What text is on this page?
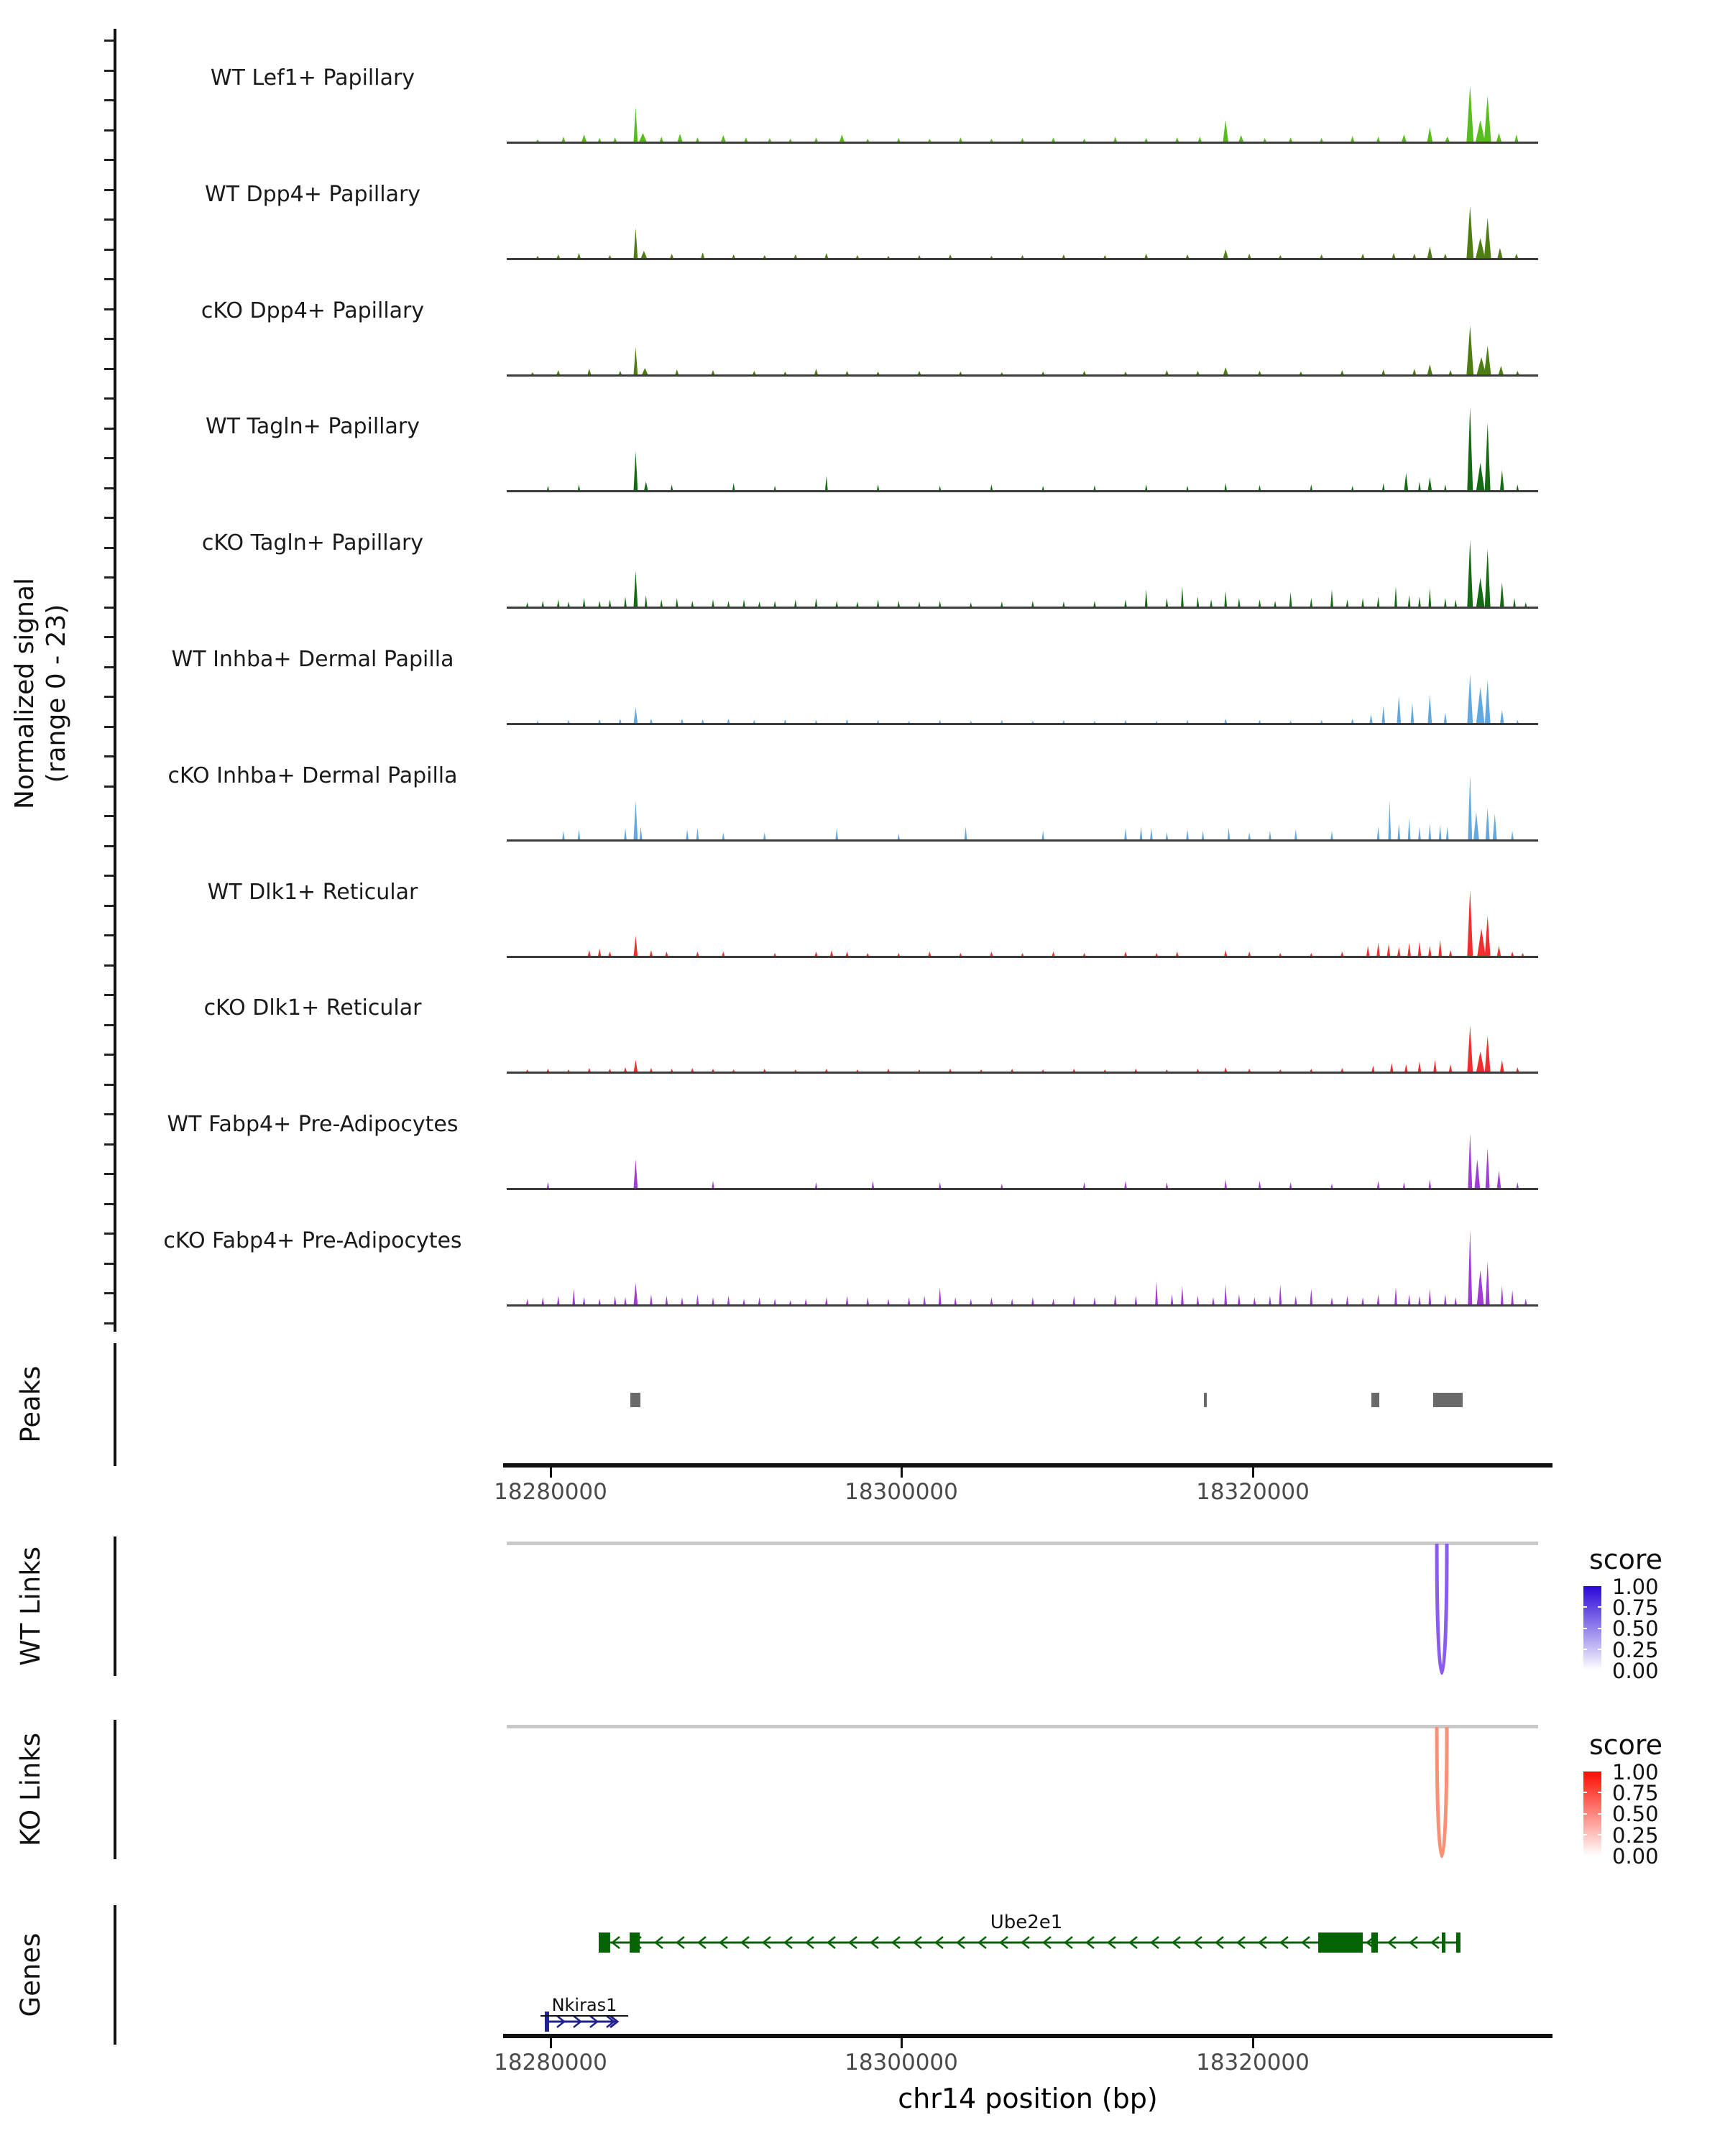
Normalized signal (range 0 - 23)
Peaks
WT Links
KO Links
Genes
WT Lef1+ Papillary
WT Dpp4+ Papillary
cKO Dpp4+ Papillary
WT Tagln+ Papillary
cKO Tagln+ Papillary
WT Inhba+ Dermal Papilla
cKO Inhba+ Dermal Papilla
WT Dlk1+ Reticular
cKO Dlk1+ Reticular
WT Fabp4+ Pre-Adipocytes
cKO Fabp4+ Pre-Adipocytes
18280000	18300000	18320000
score
1.00
0.75
0.50
0.25
0.00
score
1.00
0.75
0.50
0.25
0.00
Ube2e1
Nkiras1
18280000	18300000	18320000
chr14 position (bp)
